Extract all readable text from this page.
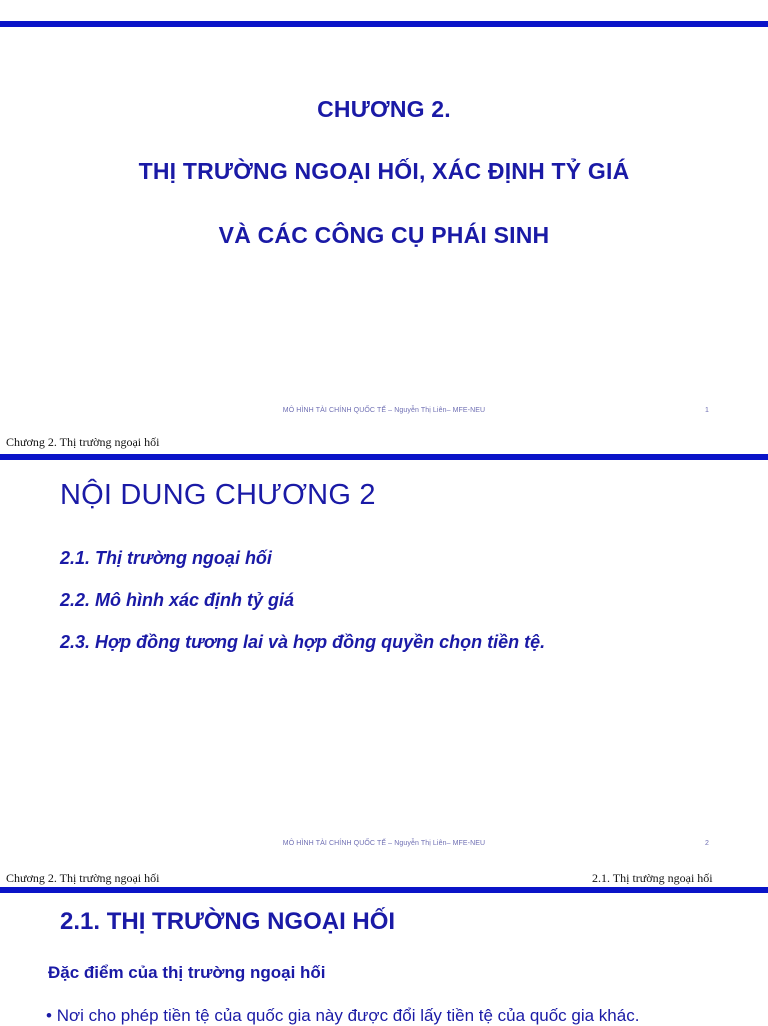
CHƯƠNG 2.
THỊ TRƯỜNG NGOẠI HỐI, XÁC ĐỊNH TỶ GIÁ
VÀ CÁC CÔNG CỤ PHÁI SINH
MÔ HÌNH TÀI CHÍNH QUỐC TẾ – Nguyễn Thị Liên– MFE-NEU	1
Chương 2. Thị trường ngoại hối
NỘI DUNG CHƯƠNG 2
2.1. Thị trường ngoại hối
2.2. Mô hình xác định tỷ giá
2.3. Hợp đồng tương lai và hợp đồng quyền chọn tiền tệ.
MÔ HÌNH TÀI CHÍNH QUỐC TẾ – Nguyễn Thị Liên– MFE-NEU	2
Chương 2. Thị trường ngoại hối	2.1. Thị trường ngoại hối
2.1. THỊ TRƯỜNG NGOẠI HỐI
Đặc điểm của thị trường ngoại hối
• Nơi cho phép tiền tệ của quốc gia này được đổi lấy tiền tệ của quốc gia khác.
